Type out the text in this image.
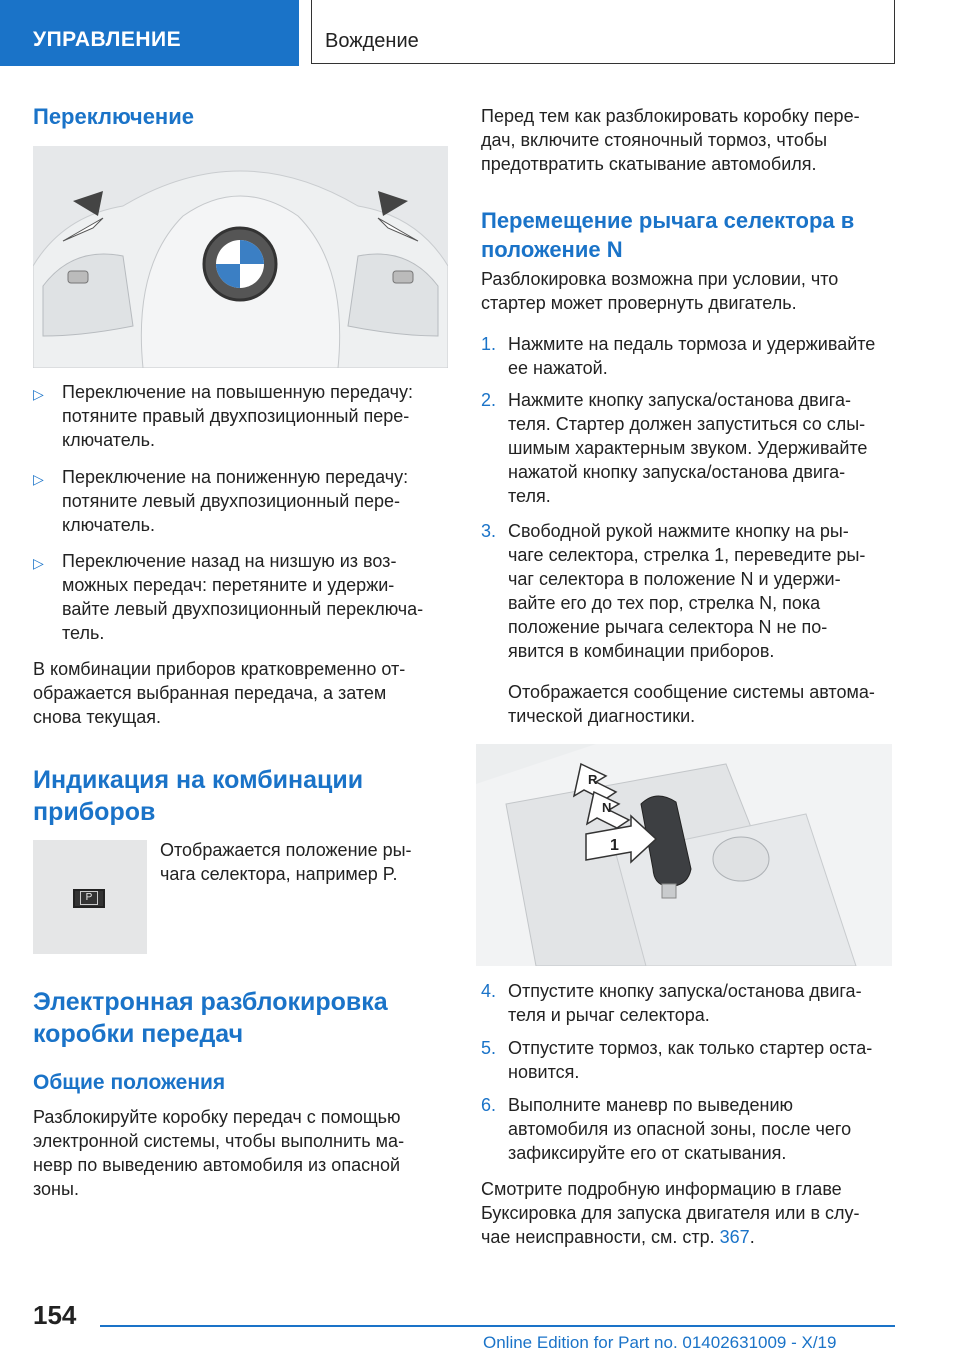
УПРАВЛЕНИЕ	Вождение
Переключение
▷ Переключение на повышенную передачу:
потяните правый двухпозиционный пере-
ключатель.
▷ Переключение на пониженную передачу:
потяните левый двухпозиционный пере-
ключатель.
▷ Переключение назад на низшую из воз-
можных передач: перетяните и удержи-
вайте левый двухпозиционный переключа-
тель.
В комбинации приборов кратковременно от-
ображается выбранная передача, а затем
снова текущая.
Индикация на комбинации
приборов
P
Отображается положение ры-
чага селектора, например P.
Электронная разблокировка
коробки передач
Общие положения
Разблокируйте коробку передач с помощью
электронной системы, чтобы выполнить ма-
невр по выведению автомобиля из опасной
зоны.
Перед тем как разблокировать коробку пере-
дач, включите стояночный тормоз, чтобы
предотвратить скатывание автомобиля.
Перемещение рычага селектора в
положение N
Разблокировка возможна при условии, что
стартер может провернуть двигатель.
1. Нажмите на педаль тормоза и удерживайте
ее нажатой.
2. Нажмите кнопку запуска/останова двига-
теля. Стартер должен запуститься со слы-
шимым характерным звуком. Удерживайте
нажатой кнопку запуска/останова двига-
теля.
3. Свободной рукой нажмите кнопку на ры-
чаге селектора, стрелка 1, переведите ры-
чаг селектора в положение N и удержи-
вайте его до тех пор, стрелка N, пока
положение рычага селектора N не по-
явится в комбинации приборов.
Отображается сообщение системы автома-
тической диагностики.
R
N
1
4. Отпустите кнопку запуска/останова двига-
теля и рычаг селектора.
5. Отпустите тормоз, как только стартер оста-
новится.
6. Выполните маневр по выведению
автомобиля из опасной зоны, после чего
зафиксируйте его от скатывания.
Смотрите подробную информацию в главе
Буксировка для запуска двигателя или в слу-
чае неисправности, см. стр. 367.
154
Online Edition for Part no. 01402631009 - X/19
